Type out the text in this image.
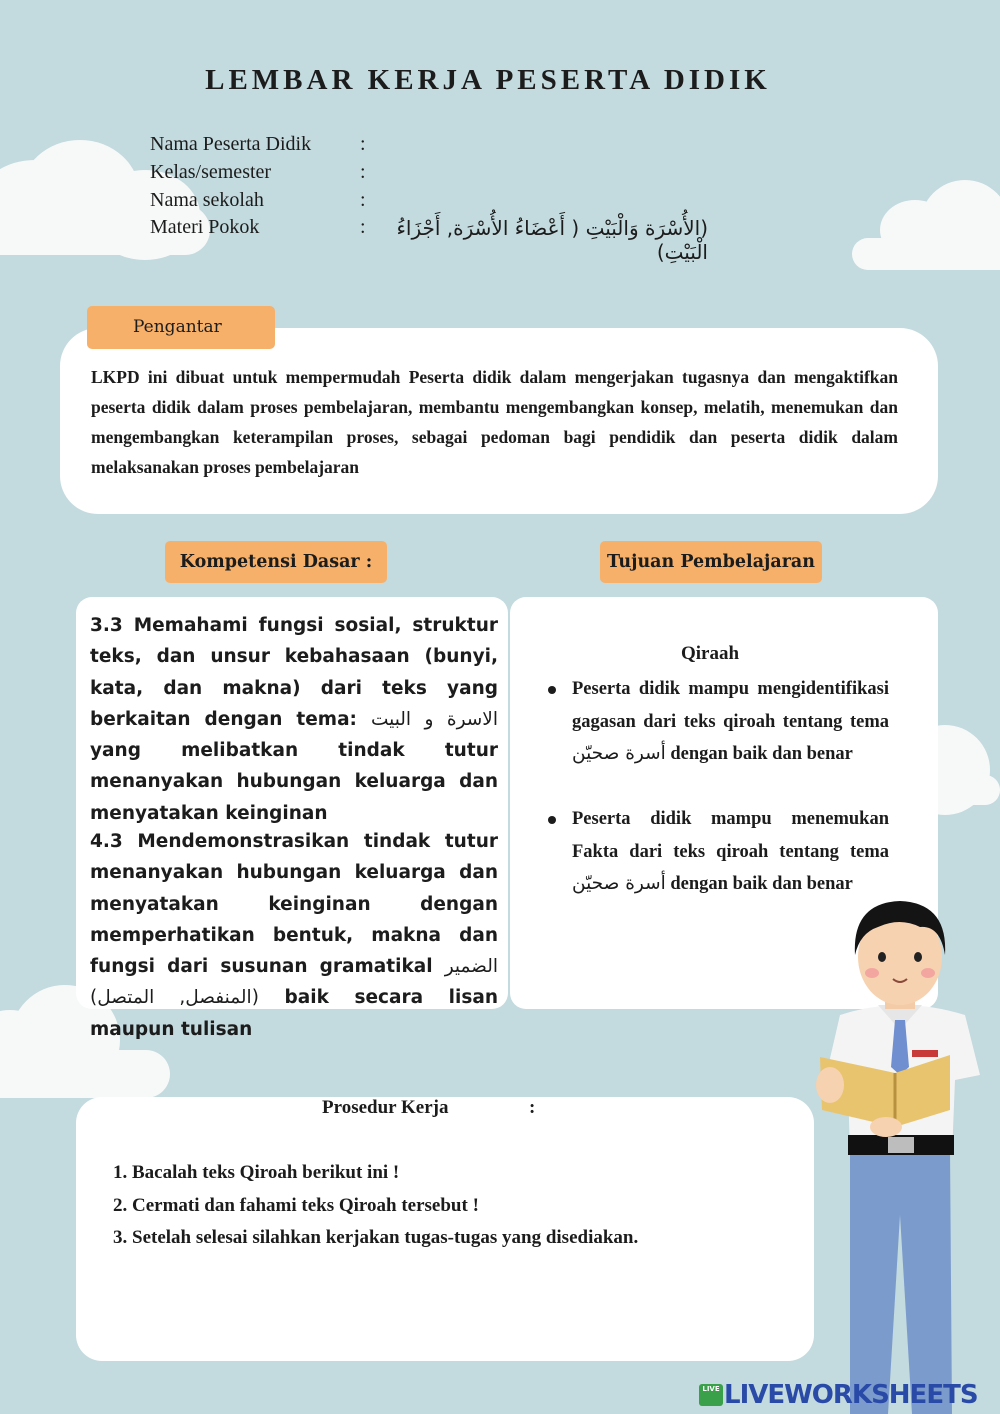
LEMBAR KERJA PESERTA DIDIK
Nama Peserta Didik :
Kelas/semester	:
Nama sekolah	:
Materi Pokok	:	(الأُسْرَة وَالْبَيْتِ ( أَعْضَاءُ الأُسْرَة, أَجْزَاءُ الْبَيْتِ)
Pengantar
LKPD ini dibuat untuk mempermudah Peserta didik dalam mengerjakan tugasnya dan mengaktifkan peserta didik dalam proses pembelajaran, membantu mengembangkan konsep, melatih, menemukan dan mengembangkan keterampilan proses, sebagai pedoman bagi pendidik dan peserta didik dalam melaksanakan proses pembelajaran
Kompetensi Dasar :	Tujuan Pembelajaran
3.3 Memahami fungsi sosial, struktur teks, dan unsur kebahasaan (bunyi, kata, dan makna) dari teks yang berkaitan dengan tema: الاسرة و البيت yang melibatkan tindak tutur menanyakan hubungan keluarga dan menyatakan keinginan
4.3 Mendemonstrasikan tindak tutur menanyakan hubungan keluarga dan menyatakan keinginan dengan memperhatikan bentuk, makna dan fungsi dari susunan gramatikal الضمير (المنفصل, المتصل) baik secara lisan maupun tulisan
Qiraah
Peserta didik mampu mengidentifikasi gagasan dari teks qiroah tentang tema أسرة صحيّن dengan baik dan benar
Peserta didik mampu menemukan Fakta dari teks qiroah tentang tema أسرة صحيّن dengan baik dan benar
Prosedur Kerja	:
1. Bacalah teks Qiroah berikut ini !
2. Cermati dan fahami teks Qiroah tersebut !
3. Setelah selesai silahkan kerjakan tugas-tugas yang disediakan.
LIVE LIVEWORKSHEETS
